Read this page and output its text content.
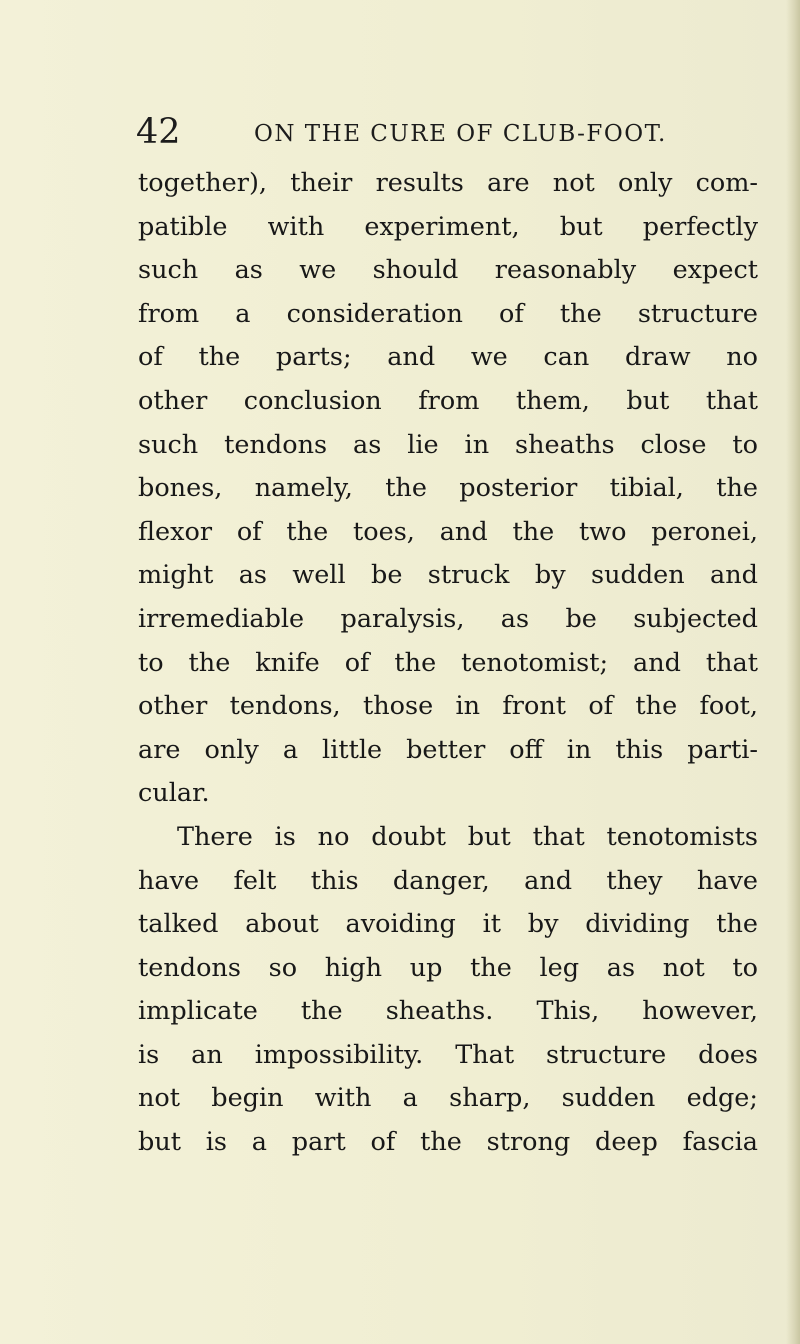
42	ON THE CURE OF CLUB-FOOT.
together), their results are not only com-
patible with experiment, but perfectly
such as we should reasonably expect
from a consideration of the structure
of the parts; and we can draw no
other conclusion from them, but that
such tendons as lie in sheaths close to
bones, namely, the posterior tibial, the
flexor of the toes, and the two peronei,
might as well be struck by sudden and
irremediable paralysis, as be subjected
to the knife of the tenotomist; and that
other tendons, those in front of the foot,
are only a little better off in this parti-
cular.
There is no doubt but that tenotomists
have felt this danger, and they have
talked about avoiding it by dividing the
tendons so high up the leg as not to
implicate the sheaths. This, however,
is an impossibility. That structure does
not begin with a sharp, sudden edge;
but is a part of the strong deep fascia
